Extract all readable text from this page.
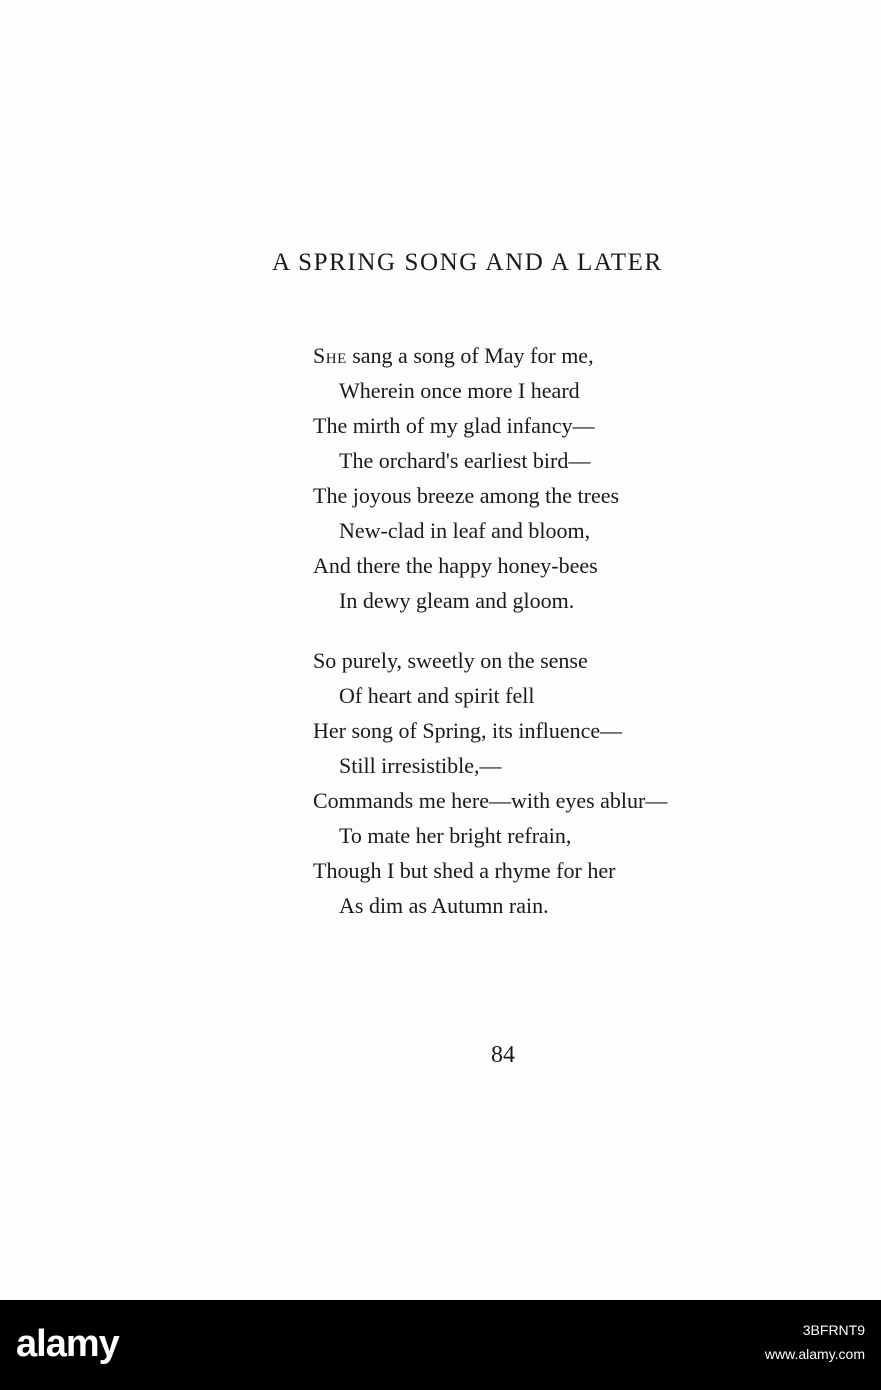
A SPRING SONG AND A LATER
She sang a song of May for me,
Wherein once more I heard
The mirth of my glad infancy—
The orchard's earliest bird—
The joyous breeze among the trees
New-clad in leaf and bloom,
And there the happy honey-bees
In dewy gleam and gloom.
So purely, sweetly on the sense
Of heart and spirit fell
Her song of Spring, its influence—
Still irresistible,—
Commands me here—with eyes ablur—
To mate her bright refrain,
Though I but shed a rhyme for her
As dim as Autumn rain.
84
alamy	3BFRNT9
www.alamy.com
